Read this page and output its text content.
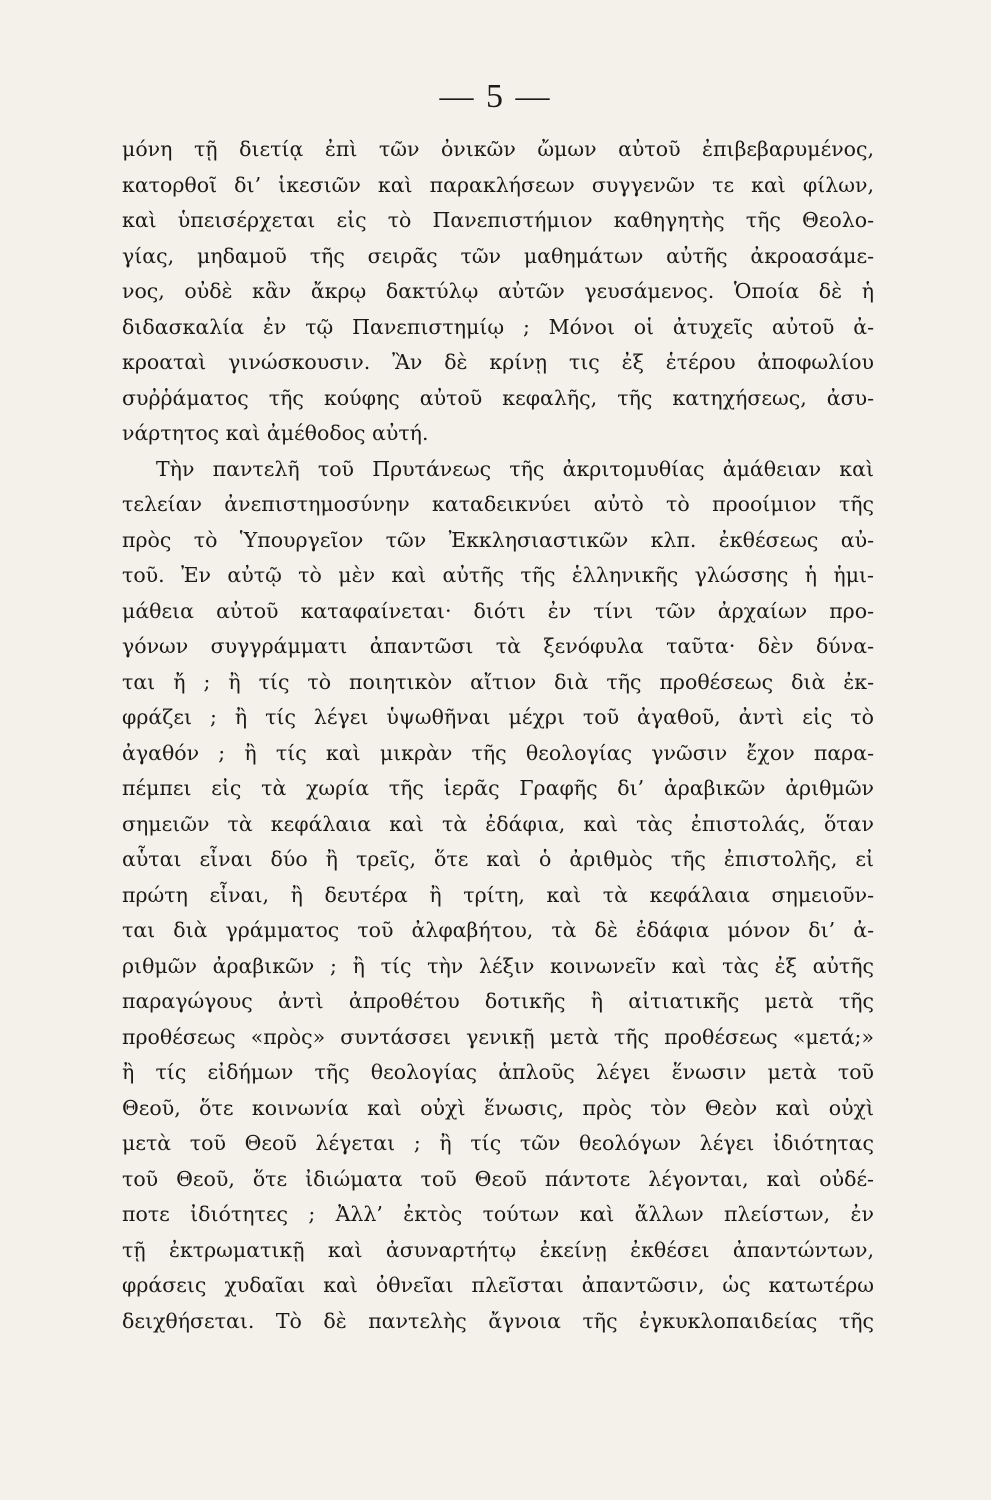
— 5 —
μόνη τῇ διετίᾳ ἐπὶ τῶν ὀνικῶν ὤμων αὐτοῦ ἐπιβεβαρυμένος,
κατορθοῖ δι’ ἱκεσιῶν καὶ παρακλήσεων συγγενῶν τε καὶ φίλων,
καὶ ὑπεισέρχεται εἰς τὸ Πανεπιστήμιον καθηγητὴς τῆς Θεολο-
γίας, μηδαμοῦ τῆς σειρᾶς τῶν μαθημάτων αὐτῆς ἀκροασάμε-
νος, οὐδὲ κἂν ἄκρῳ δακτύλῳ αὐτῶν γευσάμενος. Ὁποία δὲ ἡ
διδασκαλία ἐν τῷ Πανεπιστημίῳ ; Μόνοι οἱ ἀτυχεῖς αὐτοῦ ἀ-
κροαταὶ γινώσκουσιν. Ἂν δὲ κρίνῃ τις ἐξ ἑτέρου ἀποφωλίου
συῤῥάματος τῆς κούφης αὐτοῦ κεφαλῆς, τῆς κατηχήσεως, ἀσυ-
νάρτητος καὶ ἀμέθοδος αὐτή.
Τὴν παντελῆ τοῦ Πρυτάνεως τῆς ἀκριτομυθίας ἀμάθειαν καὶ
τελείαν ἀνεπιστημοσύνην καταδεικνύει αὐτὸ τὸ προοίμιον τῆς
πρὸς τὸ Ὑπουργεῖον τῶν Ἐκκλησιαστικῶν κλπ. ἐκθέσεως αὐ-
τοῦ. Ἐν αὐτῷ τὸ μὲν καὶ αὐτῆς τῆς ἑλληνικῆς γλώσσης ἡ ἡμι-
μάθεια αὐτοῦ καταφαίνεται· διότι ἐν τίνι τῶν ἀρχαίων προ-
γόνων συγγράμματι ἀπαντῶσι τὰ ξενόφυλα ταῦτα· δὲν δύνα-
ται ἤ ; ἢ τίς τὸ ποιητικὸν αἴτιον διὰ τῆς προθέσεως διὰ ἐκ-
φράζει ; ἢ τίς λέγει ὑψωθῆναι μέχρι τοῦ ἀγαθοῦ, ἀντὶ εἰς τὸ
ἀγαθόν ; ἢ τίς καὶ μικρὰν τῆς θεολογίας γνῶσιν ἔχον παρα-
πέμπει εἰς τὰ χωρία τῆς ἱερᾶς Γραφῆς δι’ ἀραβικῶν ἀριθμῶν
σημειῶν τὰ κεφάλαια καὶ τὰ ἐδάφια, καὶ τὰς ἐπιστολάς, ὅταν
αὗται εἶναι δύο ἢ τρεῖς, ὅτε καὶ ὁ ἀριθμὸς τῆς ἐπιστολῆς, εἰ
πρώτη εἶναι, ἢ δευτέρα ἢ τρίτη, καὶ τὰ κεφάλαια σημειοῦν-
ται διὰ γράμματος τοῦ ἀλφαβήτου, τὰ δὲ ἐδάφια μόνον δι’ ἀ-
ριθμῶν ἀραβικῶν ; ἢ τίς τὴν λέξιν κοινωνεῖν καὶ τὰς ἐξ αὐτῆς
παραγώγους ἀντὶ ἀπροθέτου δοτικῆς ἢ αἰτιατικῆς μετὰ τῆς
προθέσεως «πρὸς» συντάσσει γενικῇ μετὰ τῆς προθέσεως «μετά;»
ἢ τίς εἰδήμων τῆς θεολογίας ἁπλοῦς λέγει ἕνωσιν μετὰ τοῦ
Θεοῦ, ὅτε κοινωνία καὶ οὐχὶ ἕνωσις, πρὸς τὸν Θεὸν καὶ οὐχὶ
μετὰ τοῦ Θεοῦ λέγεται ; ἢ τίς τῶν θεολόγων λέγει ἰδιότητας
τοῦ Θεοῦ, ὅτε ἰδιώματα τοῦ Θεοῦ πάντοτε λέγονται, καὶ οὐδέ-
ποτε ἰδιότητες ; Ἀλλ’ ἐκτὸς τούτων καὶ ἄλλων πλείστων, ἐν
τῇ ἐκτρωματικῇ καὶ ἀσυναρτήτῳ ἐκείνῃ ἐκθέσει ἀπαντώντων,
φράσεις χυδαῖαι καὶ ὀθνεῖαι πλεῖσται ἀπαντῶσιν, ὡς κατωτέρω
δειχθήσεται. Τὸ δὲ παντελὴς ἄγνοια τῆς ἐγκυκλοπαιδείας τῆς
